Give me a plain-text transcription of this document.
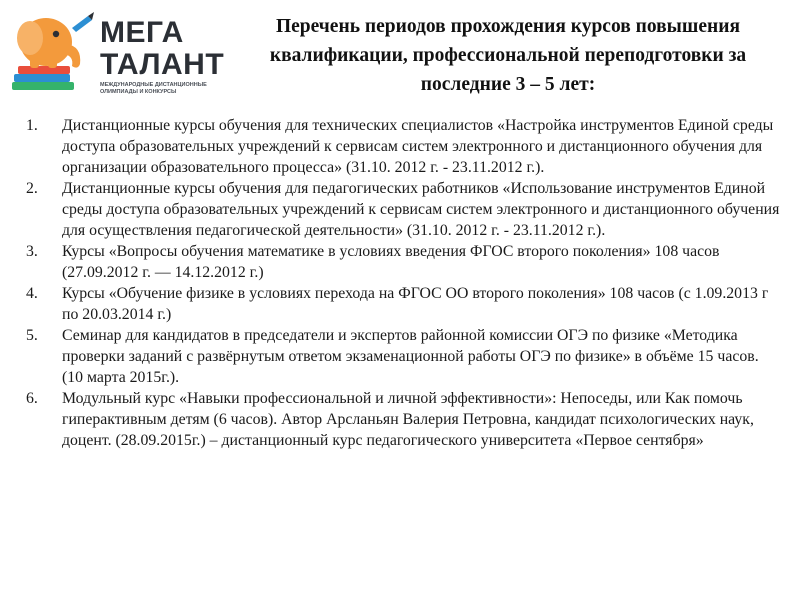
МЕГА
ТАЛАНТ
МЕЖДУНАРОДНЫЕ ДИСТАНЦИОННЫЕ ОЛИМПИАДЫ И КОНКУРСЫ
Перечень периодов прохождения курсов повышения квалификации, профессиональной переподготовки за последние 3 – 5 лет:
1. Дистанционные курсы обучения для технических специалистов «Настройка инструментов Единой среды доступа образовательных учреждений к сервисам систем электронного и дистанционного обучения для организации образовательного процесса» (31.10. 2012 г. - 23.11.2012 г.).
2. Дистанционные курсы обучения для педагогических работников «Использование инструментов Единой среды доступа образовательных учреждений к сервисам систем электронного и дистанционного обучения для осуществления педагогической деятельности» (31.10. 2012 г. - 23.11.2012 г.).
3. Курсы «Вопросы обучения математике в условиях введения ФГОС второго поколения» 108 часов (27.09.2012 г. — 14.12.2012 г.)
4. Курсы «Обучение физике в условиях перехода на ФГОС ОО второго поколения» 108 часов (с 1.09.2013 г по 20.03.2014 г.)
5. Семинар для кандидатов в председатели и экспертов районной комиссии ОГЭ по физике «Методика проверки заданий с развёрнутым ответом экзаменационной работы ОГЭ по физике» в объёме 15 часов. (10 марта 2015г.).
6. Модульный курс «Навыки профессиональной и личной эффективности»: Непоседы, или Как помочь гиперактивным детям (6 часов). Автор Арсланьян Валерия Петровна, кандидат психологических наук, доцент. (28.09.2015г.) – дистанционный курс педагогического университета «Первое сентября»
